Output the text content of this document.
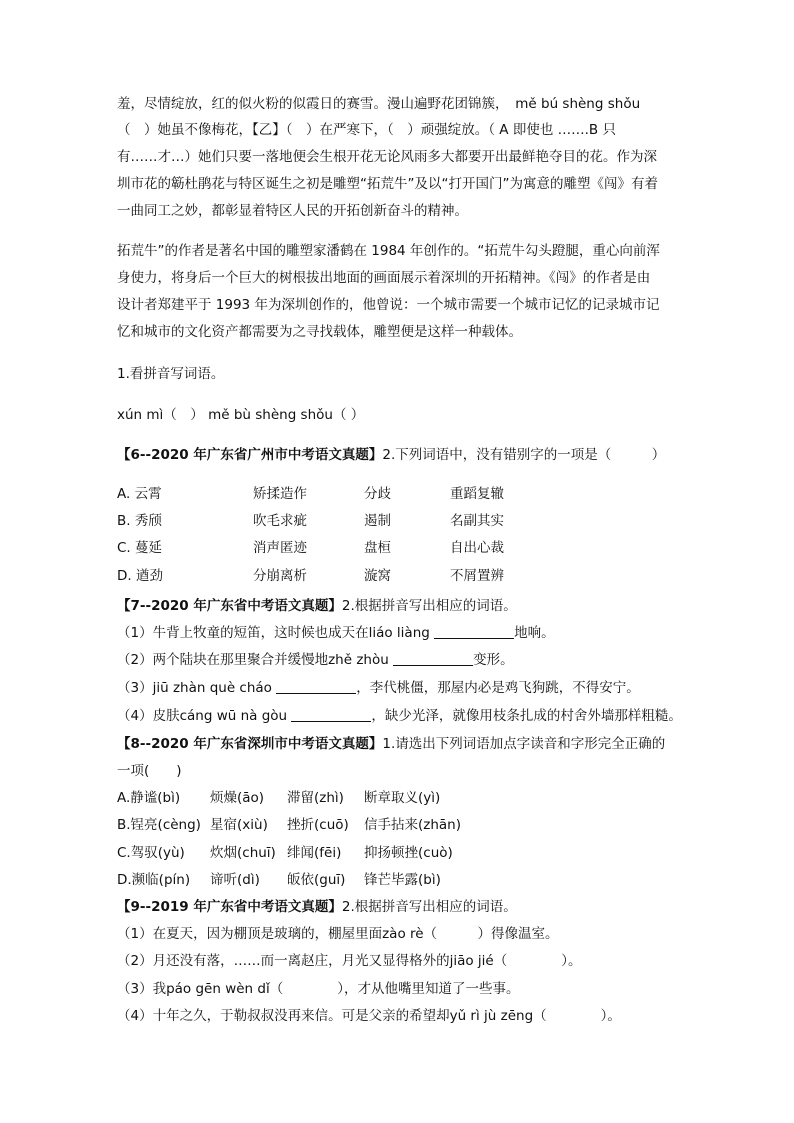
羞，尽情绽放，红的似火粉的似霞日的赛雪。漫山遍野花团锦簇，　mě bú shèng shǒu
（　）她虽不像梅花，【乙】（　）在严寒下，（　）顽强绽放。（ A 即使也 …….B 只
有……才…）她们只要一落地便会生根开花无论风雨多大都要开出最鲜艳夺目的花。作为深
圳市花的簕杜鹃花与特区诞生之初是雕塑“拓荒牛”及以“打开国门”为寓意的雕塑《闯》有着
一曲同工之妙，都彰显着特区人民的开拓创新奋斗的精神。
拓荒牛”的作者是著名中国的雕塑家潘鹤在 1984 年创作的。“拓荒牛勾头蹬腿，重心向前浑
身使力，将身后一个巨大的树根拔出地面的画面展示着深圳的开拓精神。《闯》的作者是由
设计者郑建平于 1993 年为深圳创作的，他曾说：一个城市需要一个城市记忆的记录城市记
忆和城市的文化资产都需要为之寻找载体，雕塑便是这样一种载体。
1.看拼音写词语。
xún mì（　） mě bù shèng shǒu（ ）
【6--2020 年广东省广州市中考语文真题】2.下列词语中，没有错别字的一项是（　　　）
A. 云霄	矫揉造作	分歧	重蹈复辙
B. 秀颀	吹毛求疵	遏制	名副其实
C. 蔓延	消声匿迹	盘桓	自出心裁
D. 遒劲	分崩离析	漩窝	不屑置辨
【7--2020 年广东省中考语文真题】2.根据拼音写出相应的词语。
（1）牛背上牧童的短笛，这时候也成天在liáo liàng	地响。
（2）两个陆块在那里聚合并缓慢地zhě zhòu	变形。
（3）jiū zhàn què cháo	，李代桃僵，那屋内必是鸡飞狗跳，不得安宁。
（4）皮肤cáng wū nà gòu	，缺少光泽，就像用枝条扎成的村舍外墙那样粗糙。
【8--2020 年广东省深圳市中考语文真题】1.请选出下列词语加点字读音和字形完全正确的
一项(　　)
A.静谧(bì) 烦燥(āo) 滞留(zhì) 断章取义(yì)
B.锃亮(cèng) 星宿(xiù) 挫折(cuō) 信手拈来(zhān)
C.驾驭(yù) 炊烟(chuī) 绯闻(fēi) 抑扬顿挫(cuò)
D.濒临(pín) 谛听(dì) 皈依(guī) 锋芒毕露(bì)
【9--2019 年广东省中考语文真题】2.根据拼音写出相应的词语。
（1）在夏天，因为棚顶是玻璃的，棚屋里面zào rè（　　　）得像温室。
（2）月还没有落，……而一离赵庄，月光又显得格外的jiāo jié（　　　　）。
（3）我páo gēn wèn dǐ（　　　　），才从他嘴里知道了一些事。
（4）十年之久，于勒叔叔没再来信。可是父亲的希望却yǔ rì jù zēng（　　　　）。
